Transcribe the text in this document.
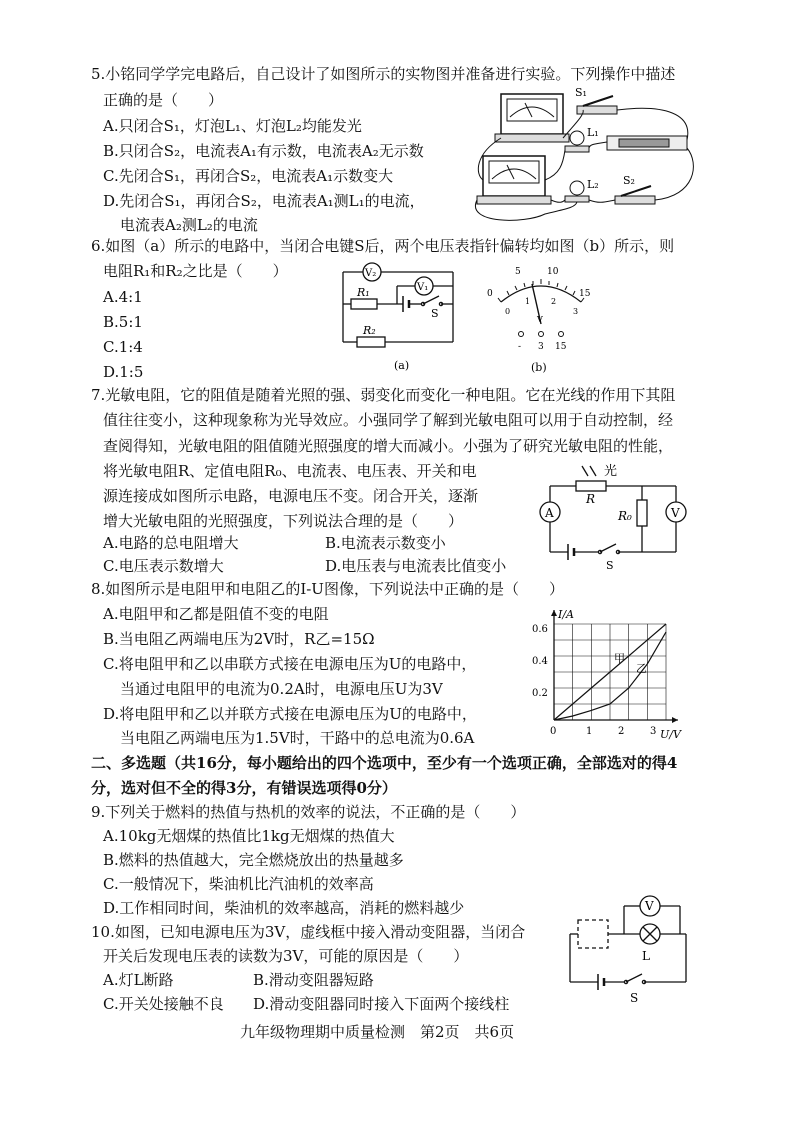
5.小铭同学学完电路后，自己设计了如图所示的实物图并准备进行实验。下列操作中描述
正确的是（　　）
A.只闭合S₁，灯泡L₁、灯泡L₂均能发光
B.只闭合S₂，电流表A₁有示数，电流表A₂无示数
C.先闭合S₁，再闭合S₂，电流表A₁示数变大
D.先闭合S₁，再闭合S₂，电流表A₁测L₁的电流，
电流表A₂测L₂的电流
S₁
L₁
L₂ S₂
6.如图（a）所示的电路中，当闭合电键S后，两个电压表指针偏转均如图（b）所示，则
电阻R₁和R₂之比是（　　）
A.4:1
B.5:1
C.1:4
D.1:5
V₂
V₁
R₁
R₂
S
(a)
5	10
0	15
0
1	2
3
V
- 3 15
(b)
7.光敏电阻，它的阻值是随着光照的强、弱变化而变化一种电阻。它在光线的作用下其阻
值往往变小，这种现象称为光导效应。小强同学了解到光敏电阻可以用于自动控制，经
查阅得知，光敏电阻的阻值随光照强度的增大而减小。小强为了研究光敏电阻的性能，
将光敏电阻R、定值电阻R₀、电流表、电压表、开关和电
源连接成如图所示电路，电源电压不变。闭合开关，逐渐
增大光敏电阻的光照强度，下列说法合理的是（　　）
A.电路的总电阻增大	B.电流表示数变小
C.电压表示数增大	D.电压表与电流表比值变小
光
R
R₀
A	V
S
8.如图所示是电阻甲和电阻乙的I-U图像，下列说法中正确的是（　　）
A.电阻甲和乙都是阻值不变的电阻
B.当电阻乙两端电压为2V时，R乙=15Ω
C.将电阻甲和乙以串联方式接在电源电压为U的电路中，
当通过电阻甲的电流为0.2A时，电源电压U为3V
D.将电阻甲和乙以并联方式接在电源电压为U的电路中，
当电阻乙两端电压为1.5V时，干路中的总电流为0.6A
I/A
U/V
0	1	2	3
0.2
0.4
0.6
甲
乙
二、多选题（共16分，每小题给出的四个选项中，至少有一个选项正确，全部选对的得4
分，选对但不全的得3分，有错误选项得0分）
9.下列关于燃料的热值与热机的效率的说法，不正确的是（　　）
A.10kg无烟煤的热值比1kg无烟煤的热值大
B.燃料的热值越大，完全燃烧放出的热量越多
C.一般情况下，柴油机比汽油机的效率高
D.工作相同时间，柴油机的效率越高，消耗的燃料越少
10.如图，已知电源电压为3V，虚线框中接入滑动变阻器，当闭合
开关后发现电压表的读数为3V，可能的原因是（　　）
A.灯L断路	B.滑动变阻器短路
C.开关处接触不良 D.滑动变阻器同时接入下面两个接线柱
V
L
S
九年级物理期中质量检测　第2页　共6页
